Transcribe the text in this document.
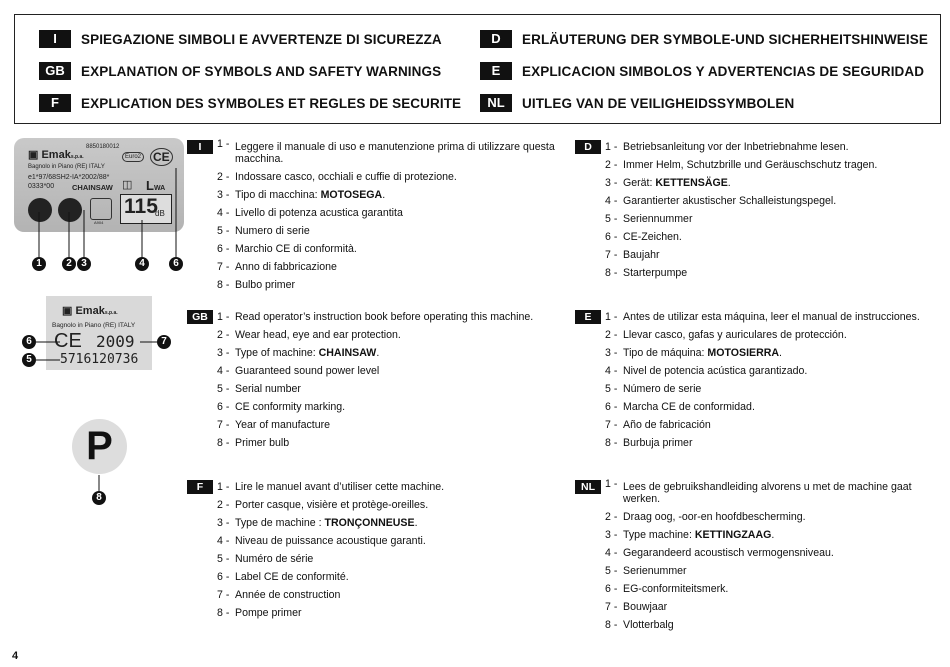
I	SPIEGAZIONE SIMBOLI E AVVERTENZE DI SICUREZZA
GB	EXPLANATION OF SYMBOLS AND SAFETY WARNINGS
F	EXPLICATION DES SYMBOLES ET REGLES DE SECURITE
D	ERLÄUTERUNG DER SYMBOLE-UND SICHERHEITSHINWEISE
E	EXPLICACION SIMBOLOS Y ADVERTENCIAS DE SEGURIDAD
NL	UITLEG VAN DE VEILIGHEIDSSYMBOLEN
▣ Emaks.p.a.
8850180012
Bagnolo in Piano (RE) ITALY
e1*97/68SH2-IA*2002/88*
0333*00 CHAINSAW
Euro2 CE
◫ LWA
115
dB
A904
▣ Emaks.p.a.
Bagnolo in Piano (RE) ITALY
CE 2009
5716120736
1	2 3	4	6
6
5
7
8
P
I	1 - Leggere il manuale di uso e manutenzione prima di utilizzare questa macchina.
2 - Indossare casco, occhiali e cuffie di protezione.
3 - Tipo di macchina: MOTOSEGA.
4 - Livello di potenza acustica garantita
5 - Numero di serie
6 - Marchio CE di conformità.
7 - Anno di fabbricazione
8 - Bulbo primer
GB 1 - Read operator’s instruction book before operating this machine.
2 - Wear head, eye and ear protection.
3 - Type of machine: CHAINSAW.
4 - Guaranteed sound power level
5 - Serial number
6 - CE conformity marking.
7 - Year of manufacture
8 - Primer bulb
F	1 - Lire le manuel avant d’utiliser cette machine.
2 - Porter casque, visière et protège-oreilles.
3 - Type de machine : TRONÇONNEUSE.
4 - Niveau de puissance acoustique garanti.
5 - Numéro de série
6 - Label CE de conformité.
7 - Année de construction
8 - Pompe primer
D	1 - Betriebsanleitung vor der Inbetriebnahme lesen.
2 - Immer Helm, Schutzbrille und Geräuschschutz tragen.
3 - Gerät: KETTENSÄGE.
4 - Garantierter akustischer Schalleistungspegel.
5 - Seriennummer
6 - CE-Zeichen.
7 - Baujahr
8 - Starterpumpe
E	1 - Antes de utilizar esta máquina, leer el manual de instrucciones.
2 - Llevar casco, gafas y auriculares de protección.
3 - Tipo de máquina: MOTOSIERRA.
4 - Nivel de potencia acústica garantizado.
5 - Número de serie
6 - Marcha CE de conformidad.
7 - Año de fabricación
8 - Burbuja primer
NL 1 - Lees de gebruikshandleiding alvorens u met de machine gaat werken.
2 - Draag oog, -oor-en hoofdbescherming.
3 - Type machine: KETTINGZAAG.
4 - Gegarandeerd acoustisch vermogensniveau.
5 - Serienummer
6 - EG-conformiteitsmerk.
7 - Bouwjaar
8 - Vlotterbalg
4
